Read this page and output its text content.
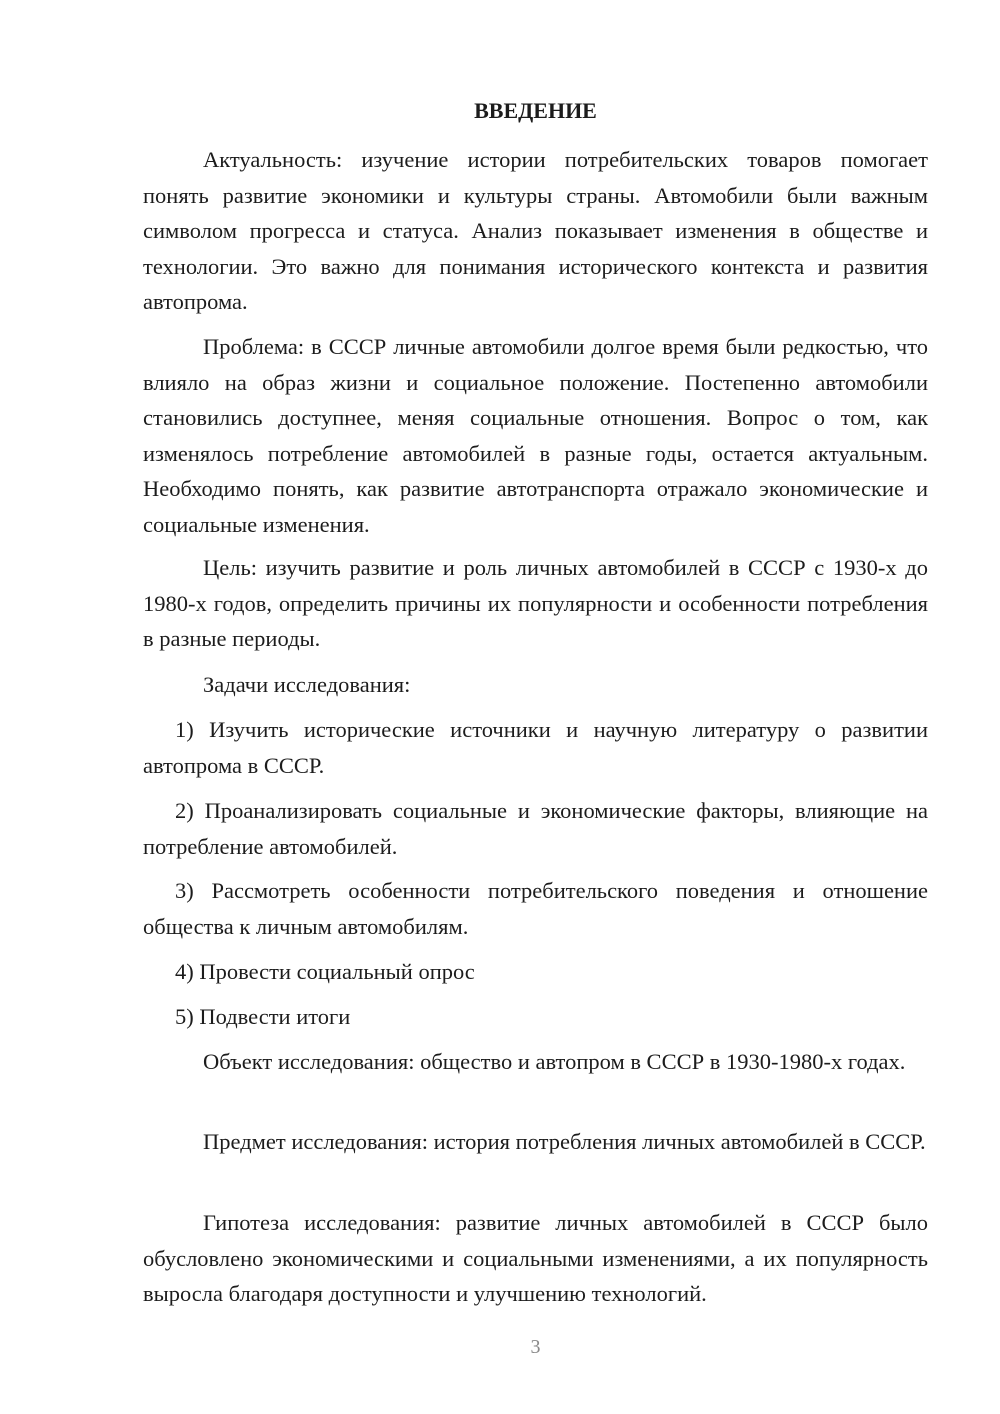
ВВЕДЕНИЕ

Актуальность: изучение истории потребительских товаров помогает понять развитие экономики и культуры страны. Автомобили были важным символом прогресса и статуса. Анализ показывает изменения в обществе и технологии. Это важно для понимания исторического контекста и развития автопрома.

Проблема: в СССР личные автомобили долгое время были редкостью, что влияло на образ жизни и социальное положение. Постепенно автомобили становились доступнее, меняя социальные отношения. Вопрос о том, как изменялось потребление автомобилей в разные годы, остается актуальным. Необходимо понять, как развитие автотранспорта отражало экономические и социальные изменения.

Цель: изучить развитие и роль личных автомобилей в СССР с 1930-х до 1980-х годов, определить причины их популярности и особенности потребления в разные периоды.

Задачи исследования:

1) Изучить исторические источники и научную литературу о развитии автопрома в СССР.

2) Проанализировать социальные и экономические факторы, влияющие на потребление автомобилей.

3) Рассмотреть особенности потребительского поведения и отношение общества к личным автомобилям.

4) Провести социальный опрос

5) Подвести итоги

Объект исследования: общество и автопром в СССР в 1930-1980-х годах.

Предмет исследования: история потребления личных автомобилей в СССР.

Гипотеза исследования: развитие личных автомобилей в СССР было обусловлено экономическими и социальными изменениями, а их популярность выросла благодаря доступности и улучшению технологий.

3
